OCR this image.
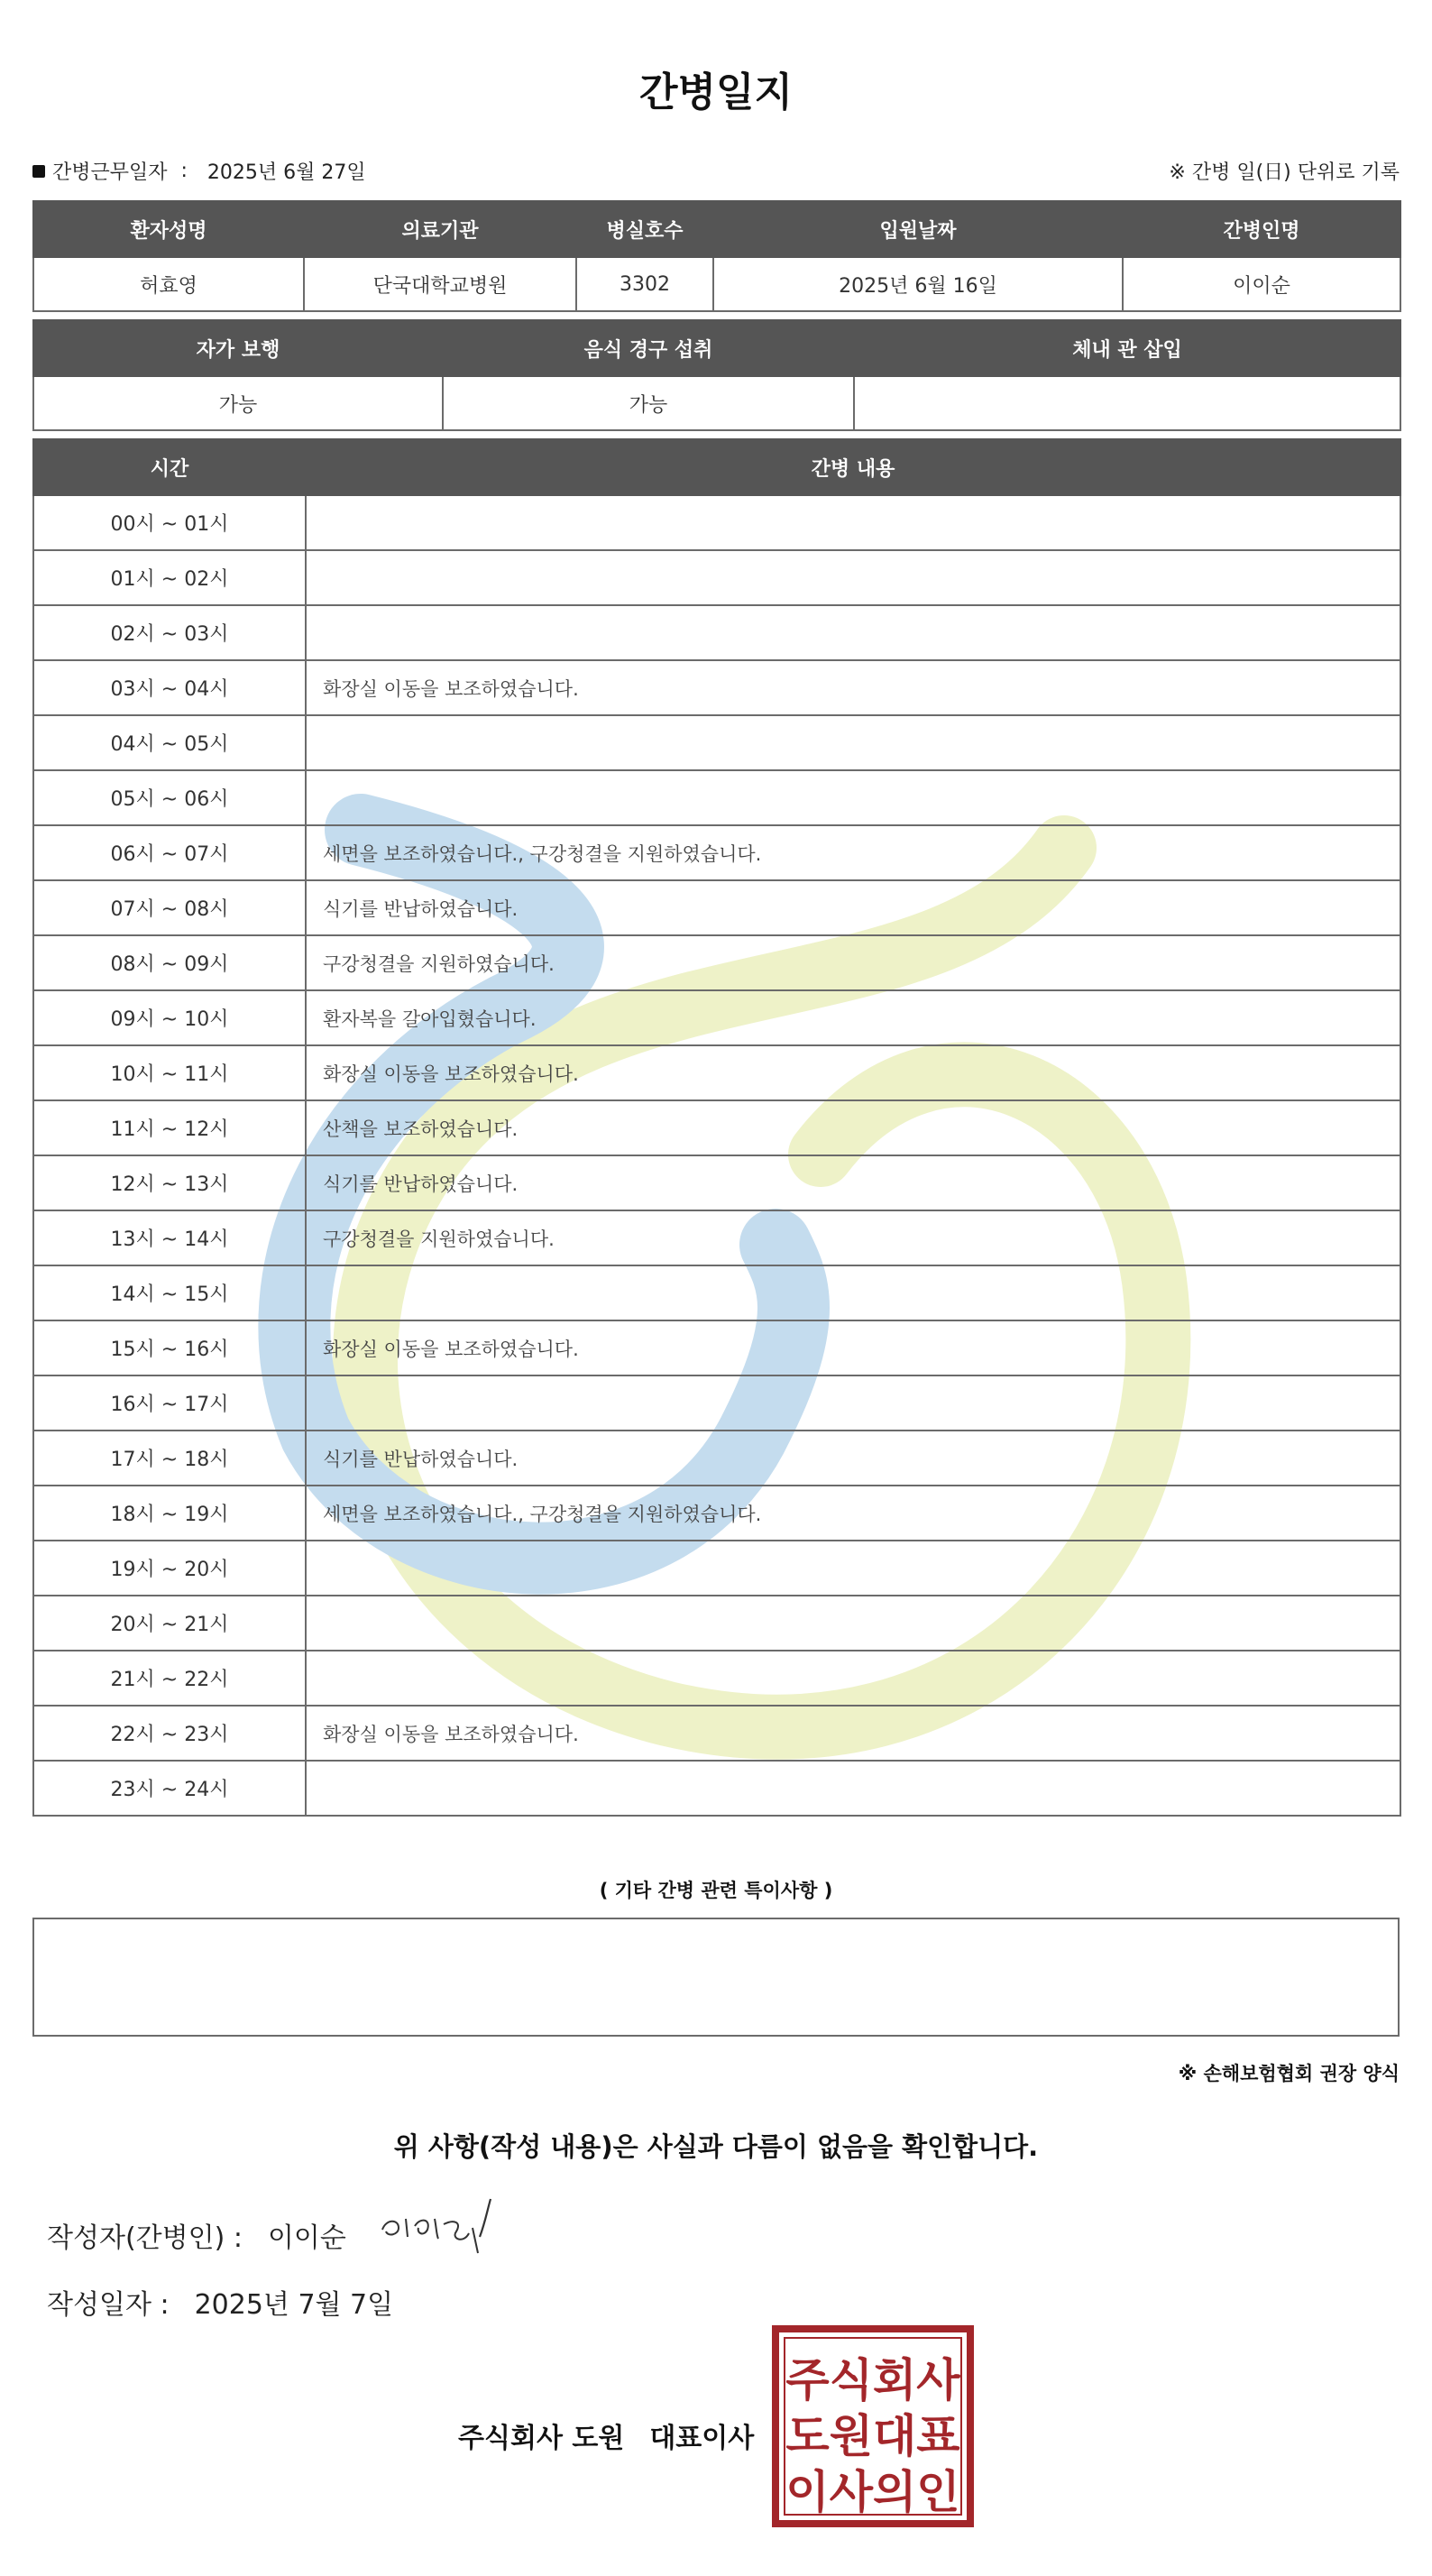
간병일지
간병근무일자 : 2025년 6월 27일	※ 간병 일(日) 단위로 기록
환자성명	의료기관	병실호수	입원날짜	간병인명
허효영	단국대학교병원	3302	2025년 6월 16일	이이순
자가 보행	음식 경구 섭취	체내 관 삽입
가능	가능	
시간	간병 내용
00시 ~ 01시	
01시 ~ 02시	
02시 ~ 03시	
03시 ~ 04시	화장실 이동을 보조하였습니다.
04시 ~ 05시	
05시 ~ 06시	
06시 ~ 07시	세면을 보조하였습니다., 구강청결을 지원하였습니다.
07시 ~ 08시	식기를 반납하였습니다.
08시 ~ 09시	구강청결을 지원하였습니다.
09시 ~ 10시	환자복을 갈아입혔습니다.
10시 ~ 11시	화장실 이동을 보조하였습니다.
11시 ~ 12시	산책을 보조하였습니다.
12시 ~ 13시	식기를 반납하였습니다.
13시 ~ 14시	구강청결을 지원하였습니다.
14시 ~ 15시	
15시 ~ 16시	화장실 이동을 보조하였습니다.
16시 ~ 17시	
17시 ~ 18시	식기를 반납하였습니다.
18시 ~ 19시	세면을 보조하였습니다., 구강청결을 지원하였습니다.
19시 ~ 20시	
20시 ~ 21시	
21시 ~ 22시	
22시 ~ 23시	화장실 이동을 보조하였습니다.
23시 ~ 24시	
( 기타 간병 관련 특이사항 )
※ 손해보험협회 권장 양식
위 사항(작성 내용)은 사실과 다름이 없음을 확인합니다.
작성자(간병인) : 이이순
작성일자 : 2025년 7월 7일
주식회사 도원 대표이사
주식회사
도원대표
이사의인
